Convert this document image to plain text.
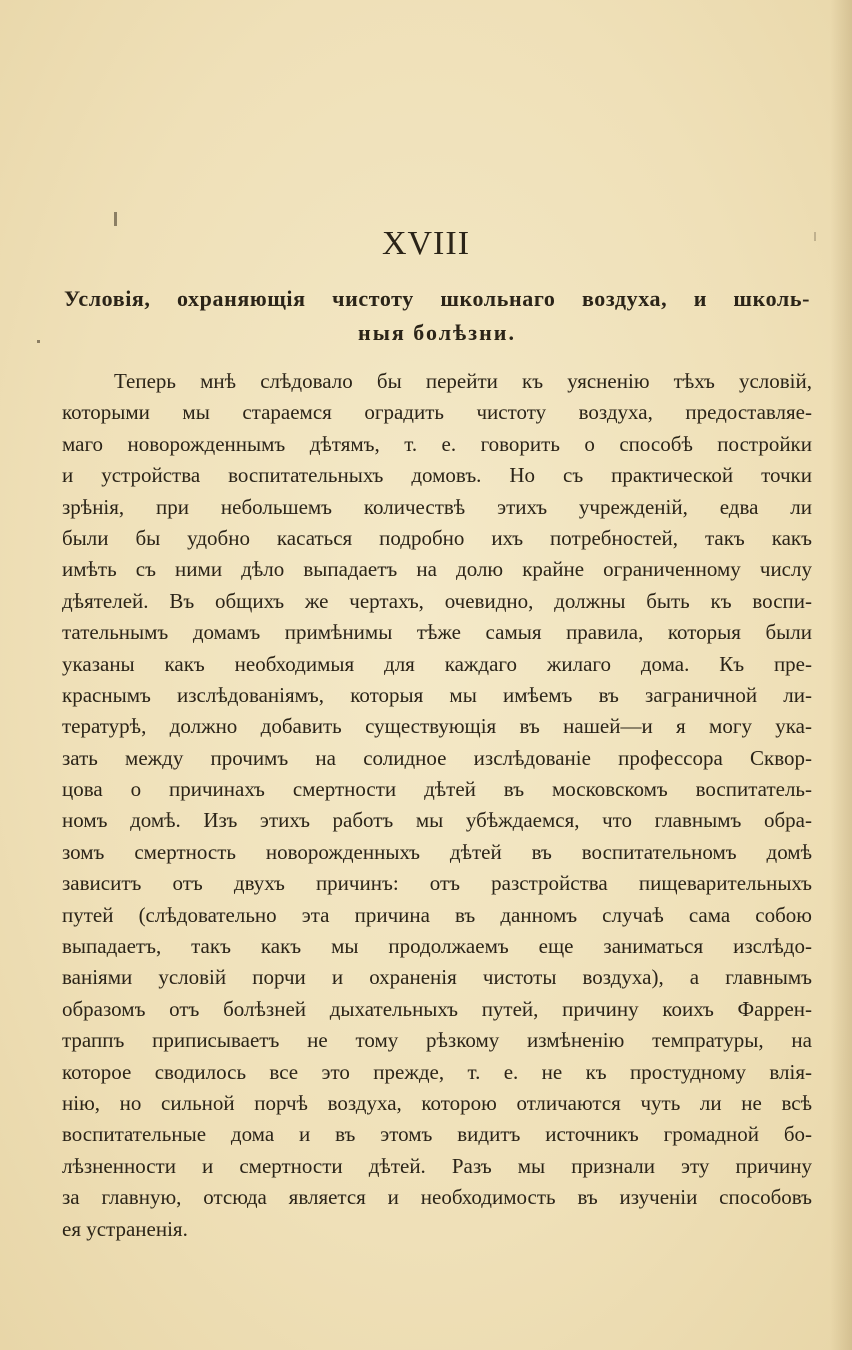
XVIII
Условія, охраняющія чистоту школьнаго воздуха, и школь-
ныя болѣзни.
Теперь мнѣ слѣдовало бы перейти къ уясненію тѣхъ условій,
которыми мы стараемся оградить чистоту воздуха, предоставляе-
маго новорожденнымъ дѣтямъ, т. е. говорить о способѣ постройки
и устройства воспитательныхъ домовъ. Но съ практической точки
зрѣнія, при небольшемъ количествѣ этихъ учрежденій, едва ли
были бы удобно касаться подробно ихъ потребностей, такъ какъ
имѣть съ ними дѣло выпадаетъ на долю крайне ограниченному числу
дѣятелей. Въ общихъ же чертахъ, очевидно, должны быть къ воспи-
тательнымъ домамъ примѣнимы тѣже самыя правила, которыя были
указаны какъ необходимыя для каждаго жилаго дома. Къ пре-
краснымъ изслѣдованіямъ, которыя мы имѣемъ въ заграничной ли-
тературѣ, должно добавить существующія въ нашей—и я могу ука-
зать между прочимъ на солидное изслѣдованіе профессора Сквор-
цова о причинахъ смертности дѣтей въ московскомъ воспитатель-
номъ домѣ. Изъ этихъ работъ мы убѣждаемся, что главнымъ обра-
зомъ смертность новорожденныхъ дѣтей въ воспитательномъ домѣ
зависитъ отъ двухъ причинъ: отъ разстройства пищеварительныхъ
путей (слѣдовательно эта причина въ данномъ случаѣ сама собою
выпадаетъ, такъ какъ мы продолжаемъ еще заниматься изслѣдо-
ваніями условій порчи и охраненія чистоты воздуха), а главнымъ
образомъ отъ болѣзней дыхательныхъ путей, причину коихъ Фаррен-
траппъ приписываетъ не тому рѣзкому измѣненію темпратуры, на
которое сводилось все это прежде, т. е. не къ простудному влія-
нію, но сильной порчѣ воздуха, которою отличаются чуть ли не всѣ
воспитательные дома и въ этомъ видитъ источникъ громадной бо-
лѣзненности и смертности дѣтей. Разъ мы признали эту причину
за главную, отсюда является и необходимость въ изученіи способовъ
ея устраненія.
